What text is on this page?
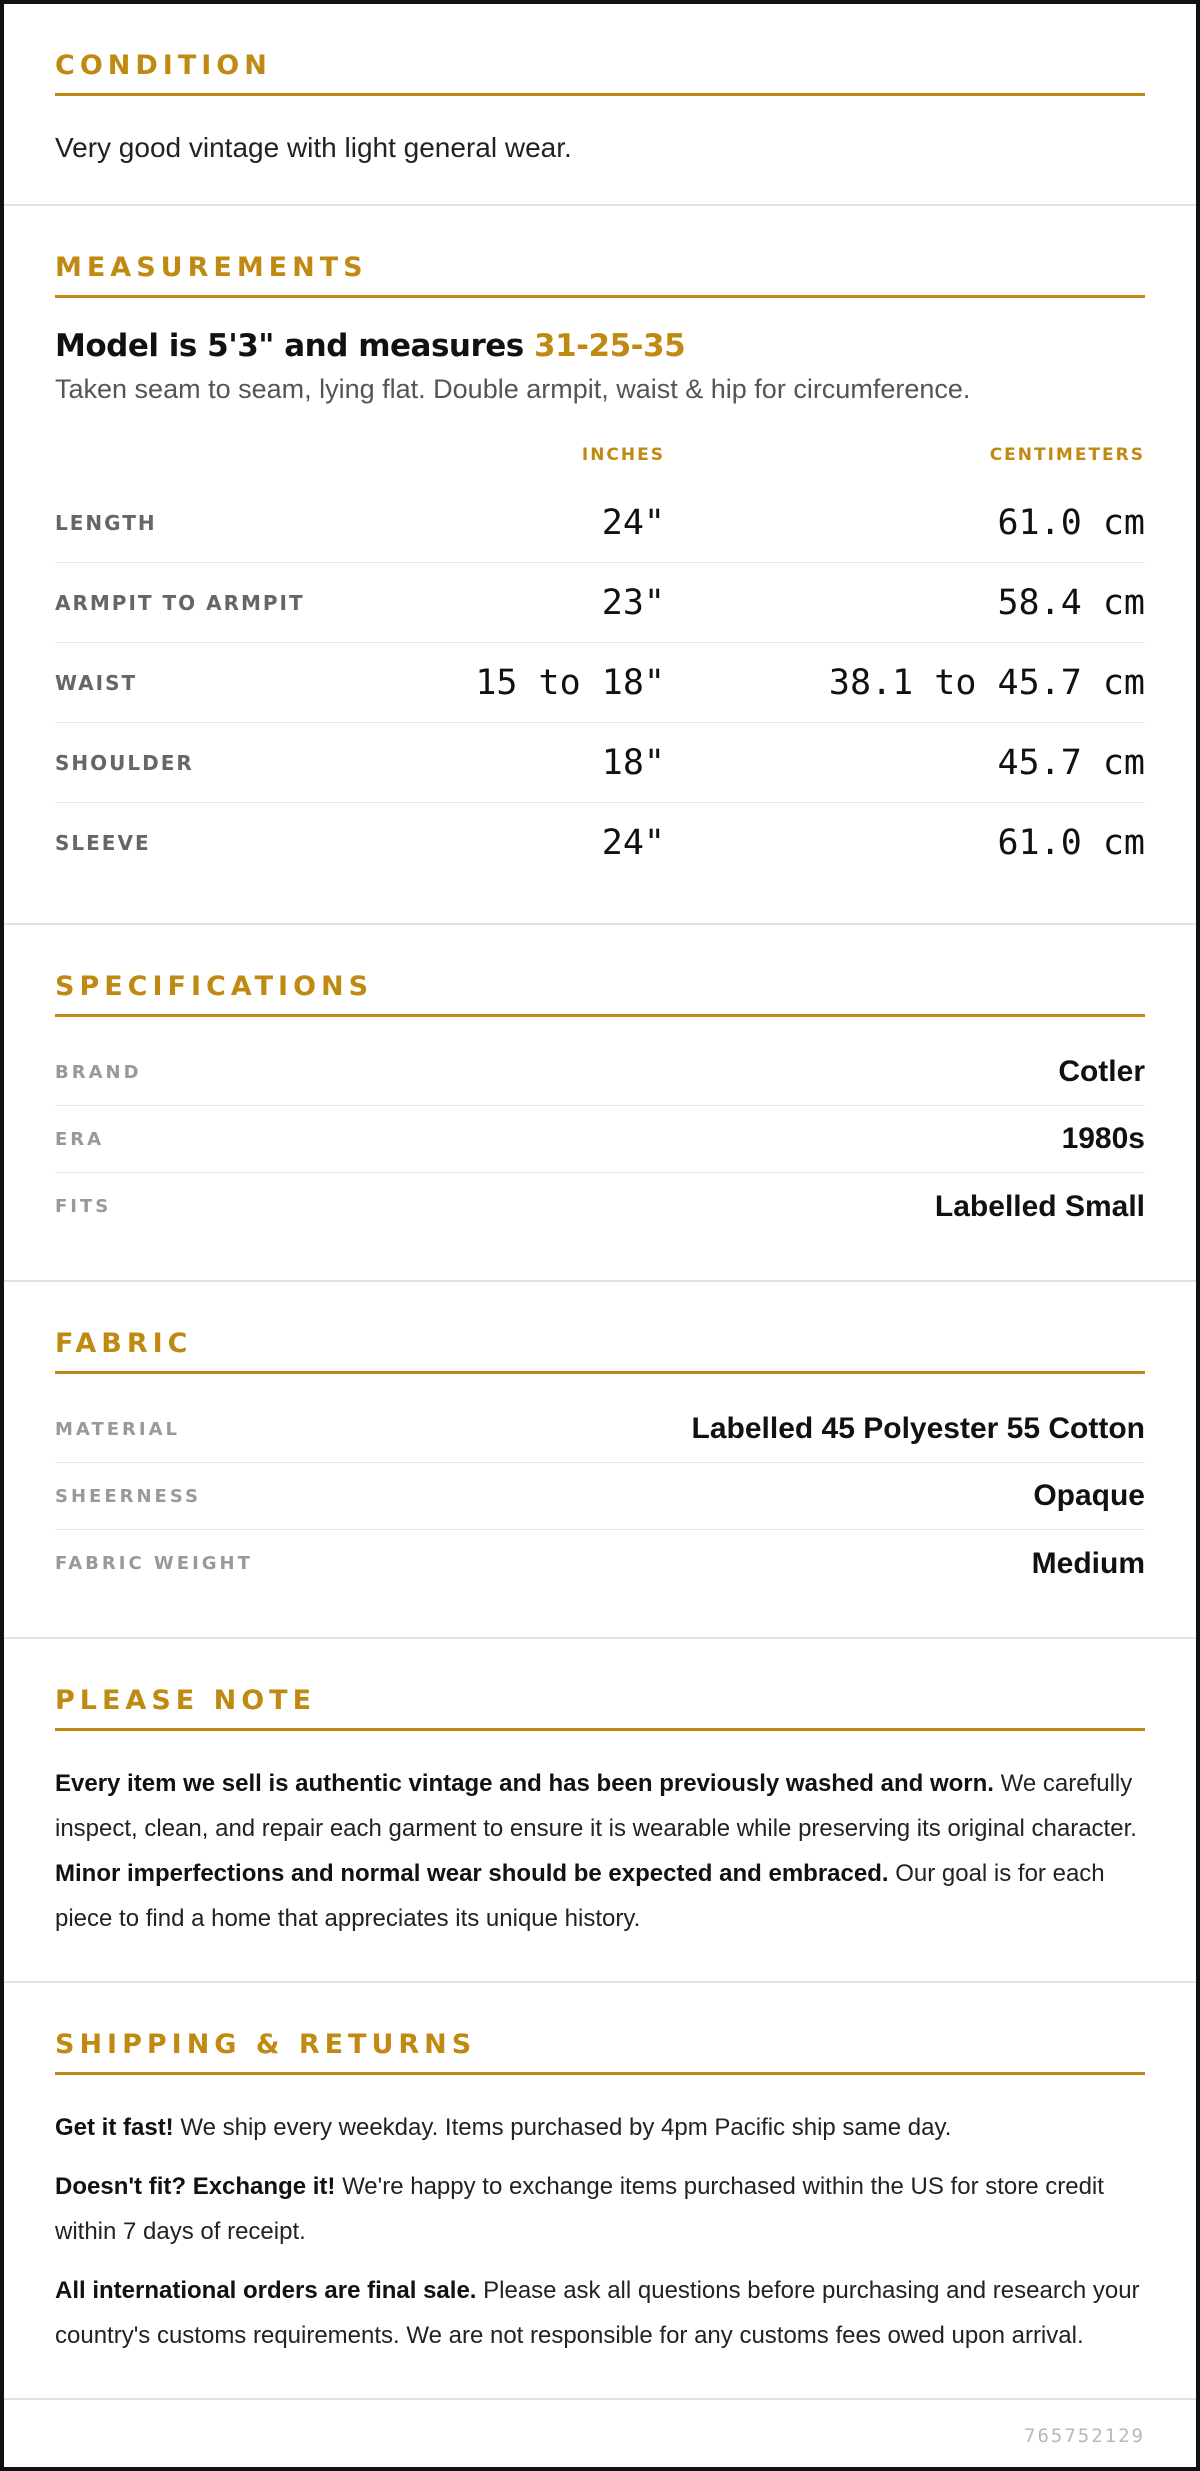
CONDITION
Very good vintage with light general wear.
MEASUREMENTS
Model is 5'3" and measures 31-25-35
Taken seam to seam, lying flat. Double armpit, waist & hip for circumference.
INCHES	CENTIMETERS
LENGTH	24"	61.0 cm
ARMPIT TO ARMPIT	23"	58.4 cm
WAIST	15 to 18"	38.1 to 45.7 cm
SHOULDER	18"	45.7 cm
SLEEVE	24"	61.0 cm
SPECIFICATIONS
BRAND	Cotler
ERA	1980s
FITS	Labelled Small
FABRIC
MATERIAL	Labelled 45 Polyester 55 Cotton
SHEERNESS	Opaque
FABRIC WEIGHT	Medium
PLEASE NOTE

Every item we sell is authentic vintage and has been previously washed and worn. We carefully inspect, clean, and repair each garment to ensure it is wearable while preserving its original character. Minor imperfections and normal wear should be expected and embraced. Our goal is for each piece to find a home that appreciates its unique history.

SHIPPING & RETURNS

Get it fast! We ship every weekday. Items purchased by 4pm Pacific ship same day.

Doesn't fit? Exchange it! We're happy to exchange items purchased within the US for store credit within 7 days of receipt.

All international orders are final sale. Please ask all questions before purchasing and research your country's customs requirements. We are not responsible for any customs fees owed upon arrival.

765752129
